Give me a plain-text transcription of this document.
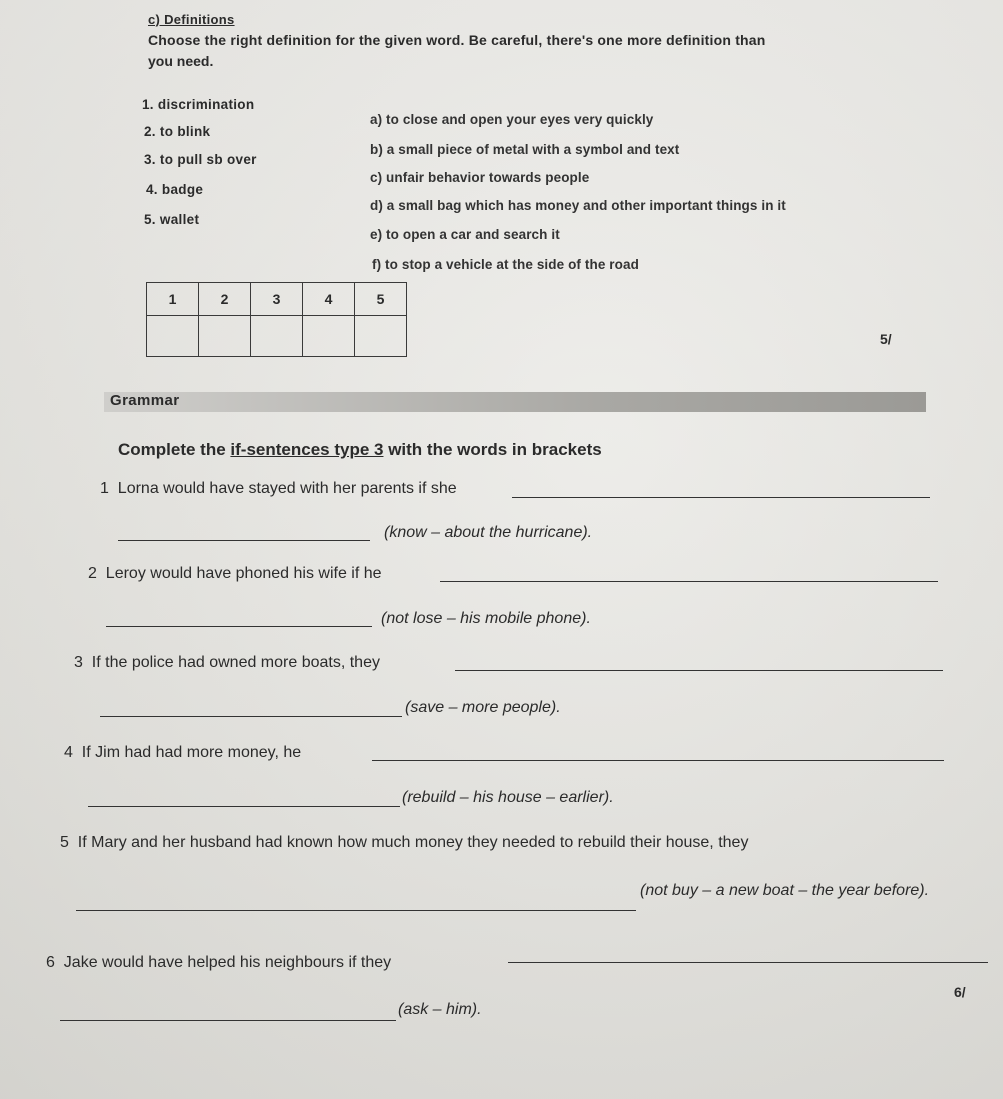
c) Definitions
Choose the right definition for the given word. Be careful, there's one more definition than
you need.
1. discrimination
2. to blink
3. to pull sb over
4. badge
5. wallet
a) to close and open your eyes very quickly
b) a small piece of metal with a symbol and text
c) unfair behavior towards people
d) a small bag which has money and other important things in it
e) to open a car and search it
f) to stop a vehicle at the side of the road
1	2	3	4	5

5/
Grammar
Complete the if-sentences type 3 with the words in brackets
1 Lorna would have stayed with her parents if she
(know – about the hurricane).
2 Leroy would have phoned his wife if he
(not lose – his mobile phone).
3 If the police had owned more boats, they
(save – more people).
4 If Jim had had more money, he
(rebuild – his house – earlier).
5 If Mary and her husband had known how much money they needed to rebuild their house, they
(not buy – a new boat – the year before).
6 Jake would have helped his neighbours if they
(ask – him).
6/
